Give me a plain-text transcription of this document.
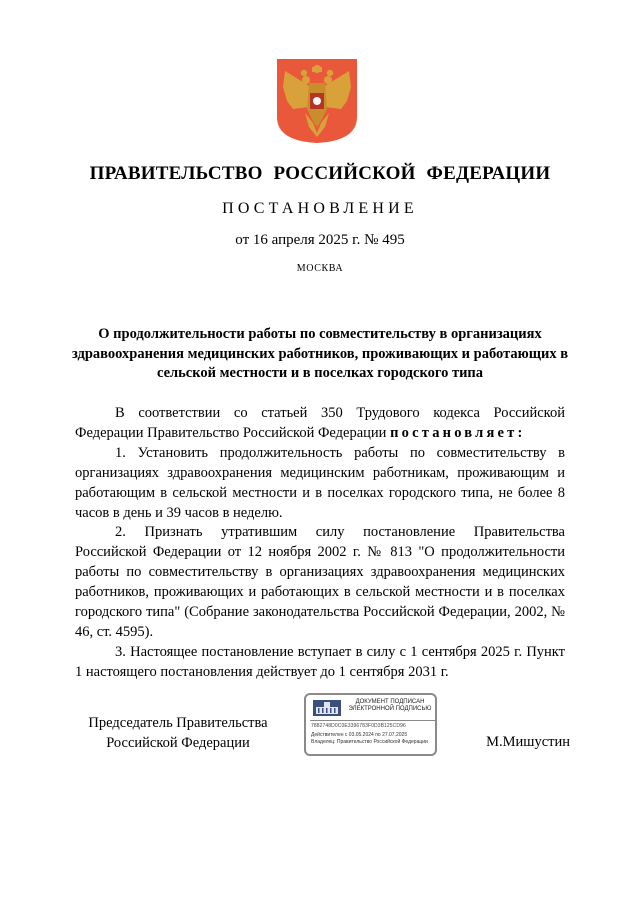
ПРАВИТЕЛЬСТВО РОССИЙСКОЙ ФЕДЕРАЦИИ
ПОСТАНОВЛЕНИЕ
от 16 апреля 2025 г. № 495
МОСКВА
О продолжительности работы по совместительству в организациях здравоохранения медицинских работников, проживающих и работающих в сельской местности и в поселках городского типа

В соответствии со статьей 350 Трудового кодекса Российской Федерации Правительство Российской Федерации постановляет:

1. Установить продолжительность работы по совместительству в организациях здравоохранения медицинским работникам, проживающим и работающим в сельской местности и в поселках городского типа, не более 8 часов в день и 39 часов в неделю.

2. Признать утратившим силу постановление Правительства Российской Федерации от 12 ноября 2002 г. № 813 "О продолжительности работы по совместительству в организациях здравоохранения медицинских работников, проживающих и работающих в сельской местности и в поселках городского типа" (Собрание законодательства Российской Федерации, 2002, № 46, ст. 4595).

3. Настоящее постановление вступает в силу с 1 сентября 2025 г. Пункт 1 настоящего постановления действует до 1 сентября 2031 г.

Председатель Правительства
Российской Федерации
ДОКУМЕНТ ПОДПИСАН
ЭЛЕКТРОННОЙ ПОДПИСЬЮ
7882748D0C0E3396783F0D3B125CD96
Действителен с 03.05.2024 по 27.07.2025
Владелец: Правительство Российской Федерации	М.Мишустин
